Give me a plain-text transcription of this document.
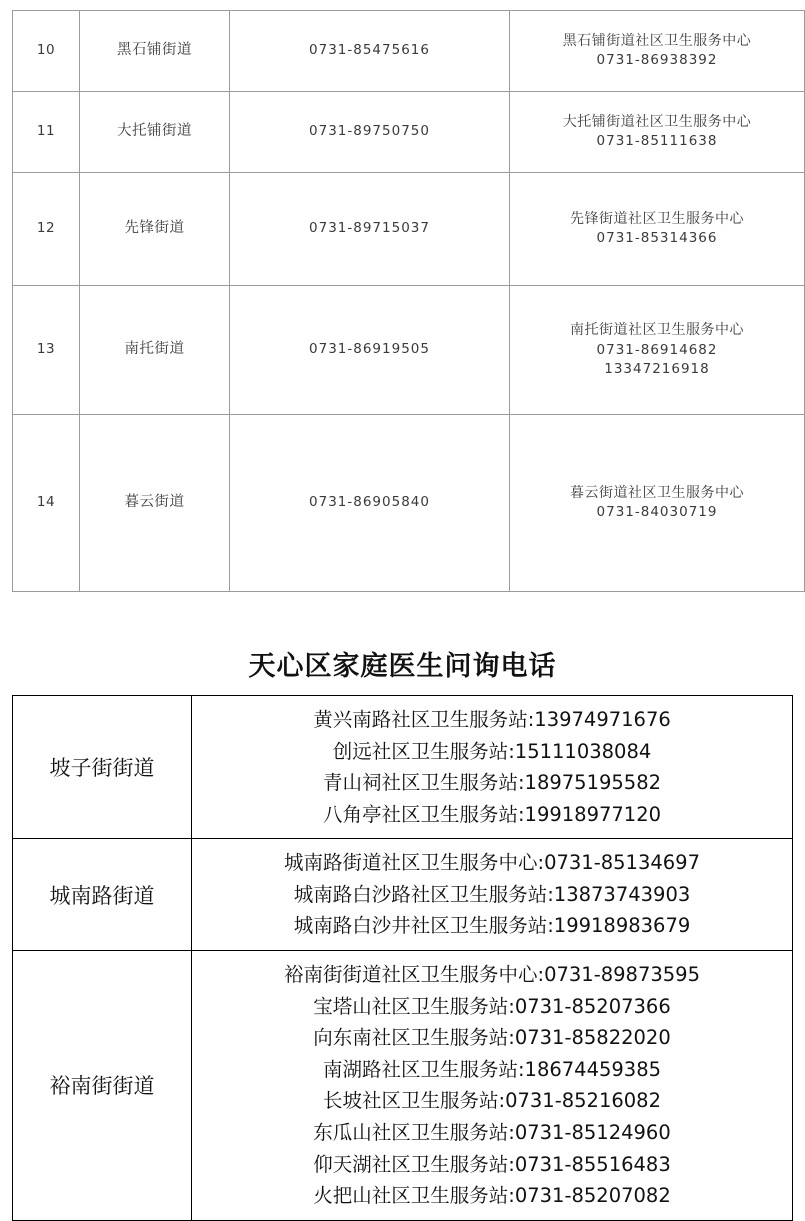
10	黑石铺街道	0731-85475616	黑石铺街道社区卫生服务中心
0731-86938392

11	大托铺街道	0731-89750750	大托铺街道社区卫生服务中心
0731-85111638

12	先锋街道	0731-89715037	先锋街道社区卫生服务中心
0731-85314366

13	南托街道	0731-86919505	南托街道社区卫生服务中心
0731-86914682
13347216918

14	暮云街道	0731-86905840	暮云街道社区卫生服务中心
0731-84030719
天心区家庭医生问询电话
坡子街街道	黄兴南路社区卫生服务站:13974971676
创远社区卫生服务站:15111038084
青山祠社区卫生服务站:18975195582
八角亭社区卫生服务站:19918977120

城南路街道	城南路街道社区卫生服务中心:0731-85134697
城南路白沙路社区卫生服务站:13873743903
城南路白沙井社区卫生服务站:19918983679

裕南街街道	
裕南街街道社区卫生服务中心:0731-89873595
宝塔山社区卫生服务站:0731-85207366
向东南社区卫生服务站:0731-85822020
南湖路社区卫生服务站:18674459385
长坡社区卫生服务站:0731-85216082
东瓜山社区卫生服务站:0731-85124960
仰天湖社区卫生服务站:0731-85516483
火把山社区卫生服务站:0731-85207082
